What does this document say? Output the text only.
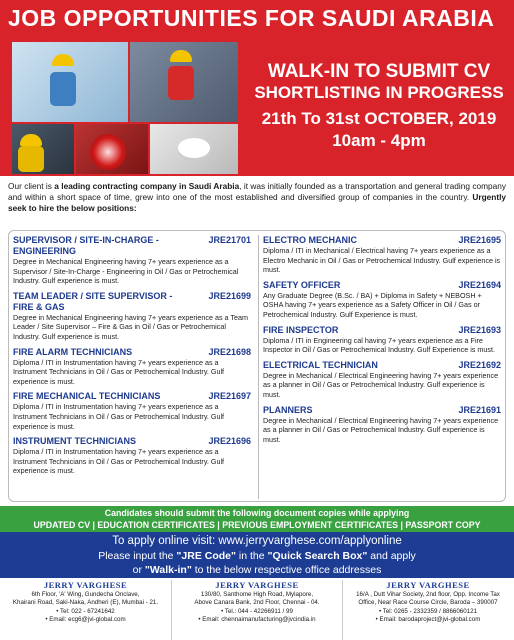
JOB OPPORTUNITIES FOR SAUDI ARABIA
WALK-IN TO SUBMIT CV
SHORTLISTING IN PROGRESS
21th To 31st OCTOBER, 2019
10am - 4pm
Our client is a leading contracting company in Saudi Arabia, it was initially founded as a transportation and general trading company and within a short space of time, grew into one of the most established and diversified group of companies in the country. Urgently seek to hire the below positions:
SUPERVISOR / SITE-IN-CHARGE - ENGINEERING
JRE21701
Degree in Mechanical Engineering having 7+ years experience as a Supervisor / Site-In-Charge - Engineering in Oil / Gas or Petrochemical Industry. Gulf experience is must.
TEAM LEADER / SITE SUPERVISOR - FIRE & GAS
JRE21699
Degree in Mechanical Engineering having 7+ years experience as a Team Leader / Site Supervisor – Fire & Gas in Oil / Gas or Petrochemical Industry. Gulf experience is must.
FIRE ALARM TECHNICIANS	JRE21698
Diploma / ITI in Instrumentation having 7+ years experience as a Instrument Technicians in Oil / Gas or Petrochemical Industry. Gulf experience is must.
FIRE MECHANICAL TECHNICIANS	JRE21697
Diploma / ITI in Instrumentation having 7+ years experience as a Instrument Technicians in Oil / Gas or Petrochemical Industry. Gulf experience is must.
INSTRUMENT TECHNICIANS	JRE21696
Diploma / ITI in Instrumentation having 7+ years experience as a Instrument Technicians in Oil / Gas or Petrochemical Industry. Gulf experience is must.
ELECTRO MECHANIC	JRE21695
Diploma / ITI in Mechanical / Electrical having 7+ years experience as a Electro Mechanic in Oil / Gas or Petrochemical Industry. Gulf experience is must.
SAFETY OFFICER	JRE21694
Any Graduate Degree (B.Sc. / BA) + Diploma in Safety + NEBOSH + OSHA having 7+ years experience as a Safety Officer in Oil / Gas or Petrochemical Industry. Gulf Experience is must.
FIRE INSPECTOR	JRE21693
Diploma / ITI in Engineering cal having 7+ years experience as a Fire Inspector in Oil / Gas or Petrochemical Industry. Gulf Experience is must.
ELECTRICAL TECHNICIAN	JRE21692
Degree in Mechanical / Electrical Engineering having 7+ years experience as a planner in Oil / Gas or Petrochemical Industry. Gulf experience is must.
PLANNERS	JRE21691
Degree in Mechanical / Electrical Engineering having 7+ years experience as a planner in Oil / Gas or Petrochemical Industry. Gulf experience is must.
Candidates should submit the following document copies while applying
UPDATED CV | EDUCATION CERTIFICATES | PREVIOUS EMPLOYMENT CERTIFICATES | PASSPORT COPY
To apply online visit: www.jerryvarghese.com/applyonline
Please input the "JRE Code" in the "Quick Search Box" and apply
or "Walk-in" to the below respective office addresses
JERRY VARGHESE
6th Floor, 'A' Wing, Gundecha Onclave,
Khairani Road, Saki-Naka, Andheri (E), Mumbai - 21.
• Tel: 022 - 67241642
• Email: ecg6@jvi-global.com
JERRY VARGHESE
130/80, Santhome High Road, Mylapore,
Above Canara Bank, 2nd Floor, Chennai - 04.
• Tel.: 044 - 42266911 / 99
• Email: chennaimanufacturing@jvcindia.in
JERRY VARGHESE
16/A , Dutt Vihar Society, 2nd floor, Opp. Income Tax
Office, Near Race Course Circle, Baroda – 390007
• Tel: 0265 - 2332359 / 8866060121
• Email: barodaproject@jvi-global.com
